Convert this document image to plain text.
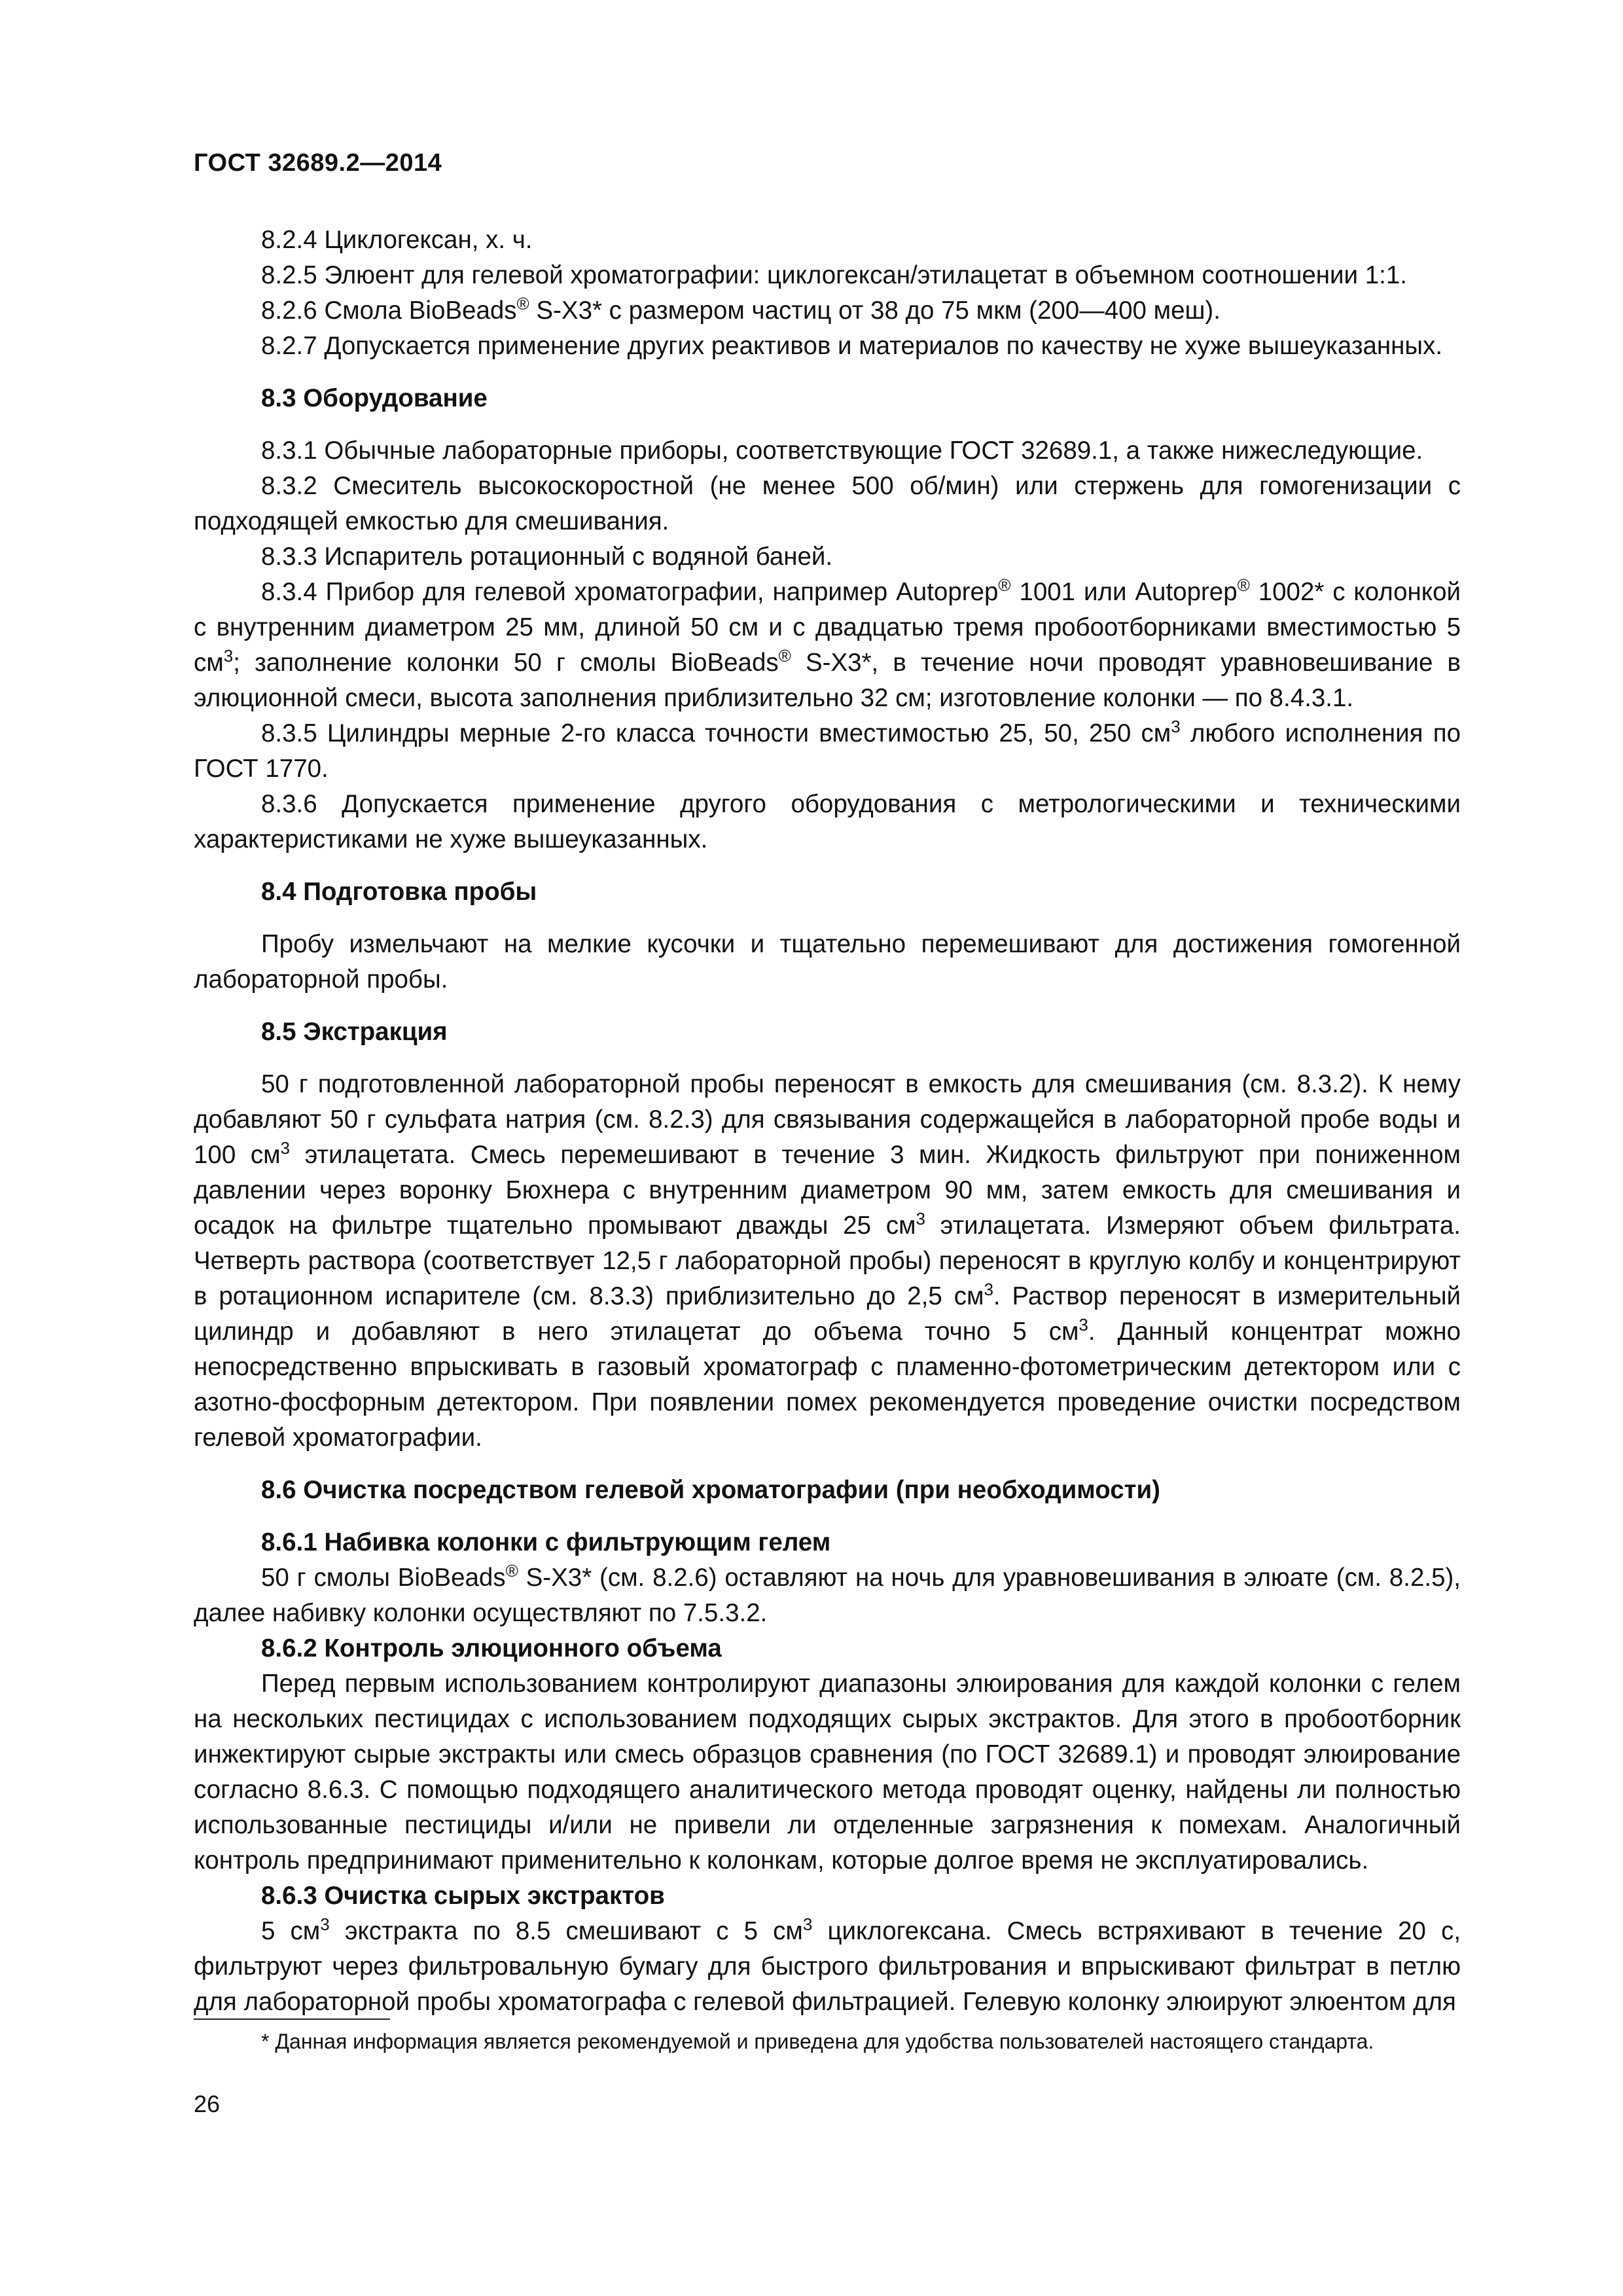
ГОСТ 32689.2—2014

8.2.4 Циклогексан, х. ч.

8.2.5 Элюент для гелевой хроматографии: циклогексан/этилацетат в объемном соотношении 1:1.

8.2.6 Смола BioBeads® S-X3* с размером частиц от 38 до 75 мкм (200—400 меш).

8.2.7 Допускается применение других реактивов и материалов по качеству не хуже вышеуказанных.

8.3 Оборудование

8.3.1 Обычные лабораторные приборы, соответствующие ГОСТ 32689.1, а также нижеследующие.

8.3.2 Смеситель высокоскоростной (не менее 500 об/мин) или стержень для гомогенизации с подходящей емкостью для смешивания.

8.3.3 Испаритель ротационный с водяной баней.

8.3.4 Прибор для гелевой хроматографии, например Autoprep® 1001 или Autoprep® 1002* с колонкой с внутренним диаметром 25 мм, длиной 50 см и с двадцатью тремя пробоотборниками вместимостью 5 $см^3$; заполнение колонки 50 г смолы BioBeads® S-X3*, в течение ночи проводят уравновешивание в элюционной смеси, высота заполнения приблизительно 32 см; изготовление колонки — по 8.4.3.1.

8.3.5 Цилиндры мерные 2-го класса точности вместимостью 25, 50, 250 $см^3$ любого исполнения по ГОСТ 1770.

8.3.6 Допускается применение другого оборудования с метрологическими и техническими характеристиками не хуже вышеуказанных.

8.4 Подготовка пробы

Пробу измельчают на мелкие кусочки и тщательно перемешивают для достижения гомогенной лабораторной пробы.

8.5 Экстракция

50 г подготовленной лабораторной пробы переносят в емкость для смешивания (см. 8.3.2). К нему добавляют 50 г сульфата натрия (см. 8.2.3) для связывания содержащейся в лабораторной пробе воды и 100 $см^3$ этилацетата. Смесь перемешивают в течение 3 мин. Жидкость фильтруют при пониженном давлении через воронку Бюхнера с внутренним диаметром 90 мм, затем емкость для смешивания и осадок на фильтре тщательно промывают дважды 25 $см^3$ этилацетата. Измеряют объем фильтрата. Четверть раствора (соответствует 12,5 г лабораторной пробы) переносят в круглую колбу и концентрируют в ротационном испарителе (см. 8.3.3) приблизительно до 2,5 $см^3$. Раствор переносят в измерительный цилиндр и добавляют в него этилацетат до объема точно 5 $см^3$. Данный концентрат можно непосредственно впрыскивать в газовый хроматограф с пламенно-фотометрическим детектором или с азотно-фосфорным детектором. При появлении помех рекомендуется проведение очистки посредством гелевой хроматографии.

8.6 Очистка посредством гелевой хроматографии (при необходимости)

8.6.1 Набивка колонки с фильтрующим гелем

50 г смолы BioBeads® S-X3* (см. 8.2.6) оставляют на ночь для уравновешивания в элюате (см. 8.2.5), далее набивку колонки осуществляют по 7.5.3.2.

8.6.2 Контроль элюционного объема

Перед первым использованием контролируют диапазоны элюирования для каждой колонки с гелем на нескольких пестицидах с использованием подходящих сырых экстрактов. Для этого в пробоотборник инжектируют сырые экстракты или смесь образцов сравнения (по ГОСТ 32689.1) и проводят элюирование согласно 8.6.3. С помощью подходящего аналитического метода проводят оценку, найдены ли полностью использованные пестициды и/или не привели ли отделенные загрязнения к помехам. Аналогичный контроль предпринимают применительно к колонкам, которые долгое время не эксплуатировались.

8.6.3 Очистка сырых экстрактов

5 $см^3$ экстракта по 8.5 смешивают с 5 $см^3$ циклогексана. Смесь встряхивают в течение 20 с, фильтруют через фильтровальную бумагу для быстрого фильтрования и впрыскивают фильтрат в петлю для лабораторной пробы хроматографа с гелевой фильтрацией. Гелевую колонку элюируют элюентом для

* Данная информация является рекомендуемой и приведена для удобства пользователей настоящего стандарта.
26
